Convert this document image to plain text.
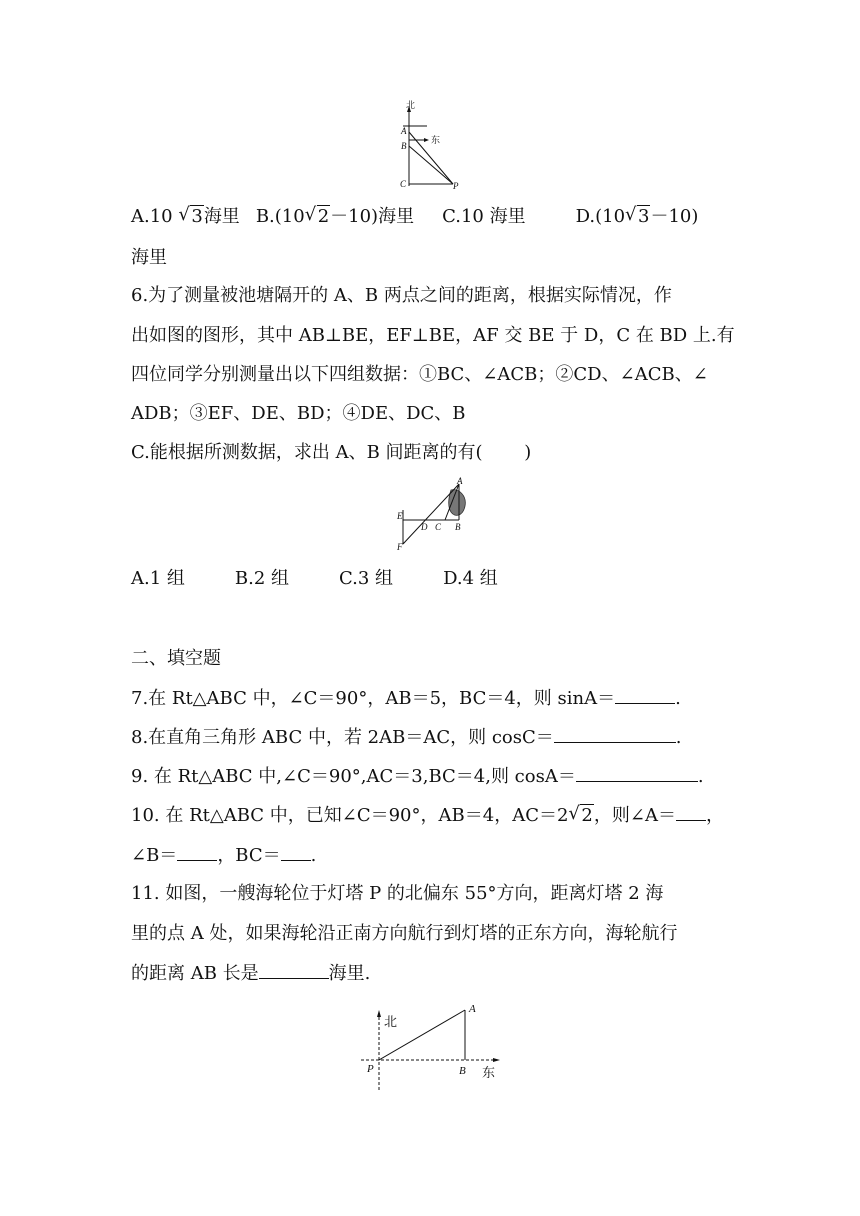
北
东
A
B
C	P
A.10 √ 3海里 B.(10 √ 2－10)海里 C.10 海里	D.(10 √ 3－10)
海里
6.为了测量被池塘隔开的 A、B 两点之间的距离，根据实际情况，作
出如图的图形，其中 AB⊥BE，EF⊥BE，AF 交 BE 于 D，C 在 BD 上.有
四位同学分别测量出以下四组数据：①BC、∠ACB；②CD、∠ACB、∠
ADB；③EF、DE、BD；④DE、DC、B
C.能根据所测数据，求出 A、B 间距离的有(　　 )
A
E
D C B
F
A.1 组	B.2 组	C.3 组	D.4 组
二、填空题
7.在 Rt△ABC 中，∠C＝90°，AB＝5，BC＝4，则 sinA＝	.
8.在直角三角形 ABC 中，若 2AB＝AC，则 cosC＝	.
9. 在 Rt△ABC 中,∠C＝90°,AC＝3,BC＝4,则 cosA＝	.
10. 在 Rt△ABC 中，已知∠C＝90°，AB＝4，AC＝2 √ 2，则∠A＝ ，
∠B＝ ，BC＝ .
11. 如图，一艘海轮位于灯塔 P 的北偏东 55°方向，距离灯塔 2 海
里的点 A 处，如果海轮沿正南方向航行到灯塔的正东方向，海轮航行
的距离 AB 长是	海里.
北
东
A
P	B
